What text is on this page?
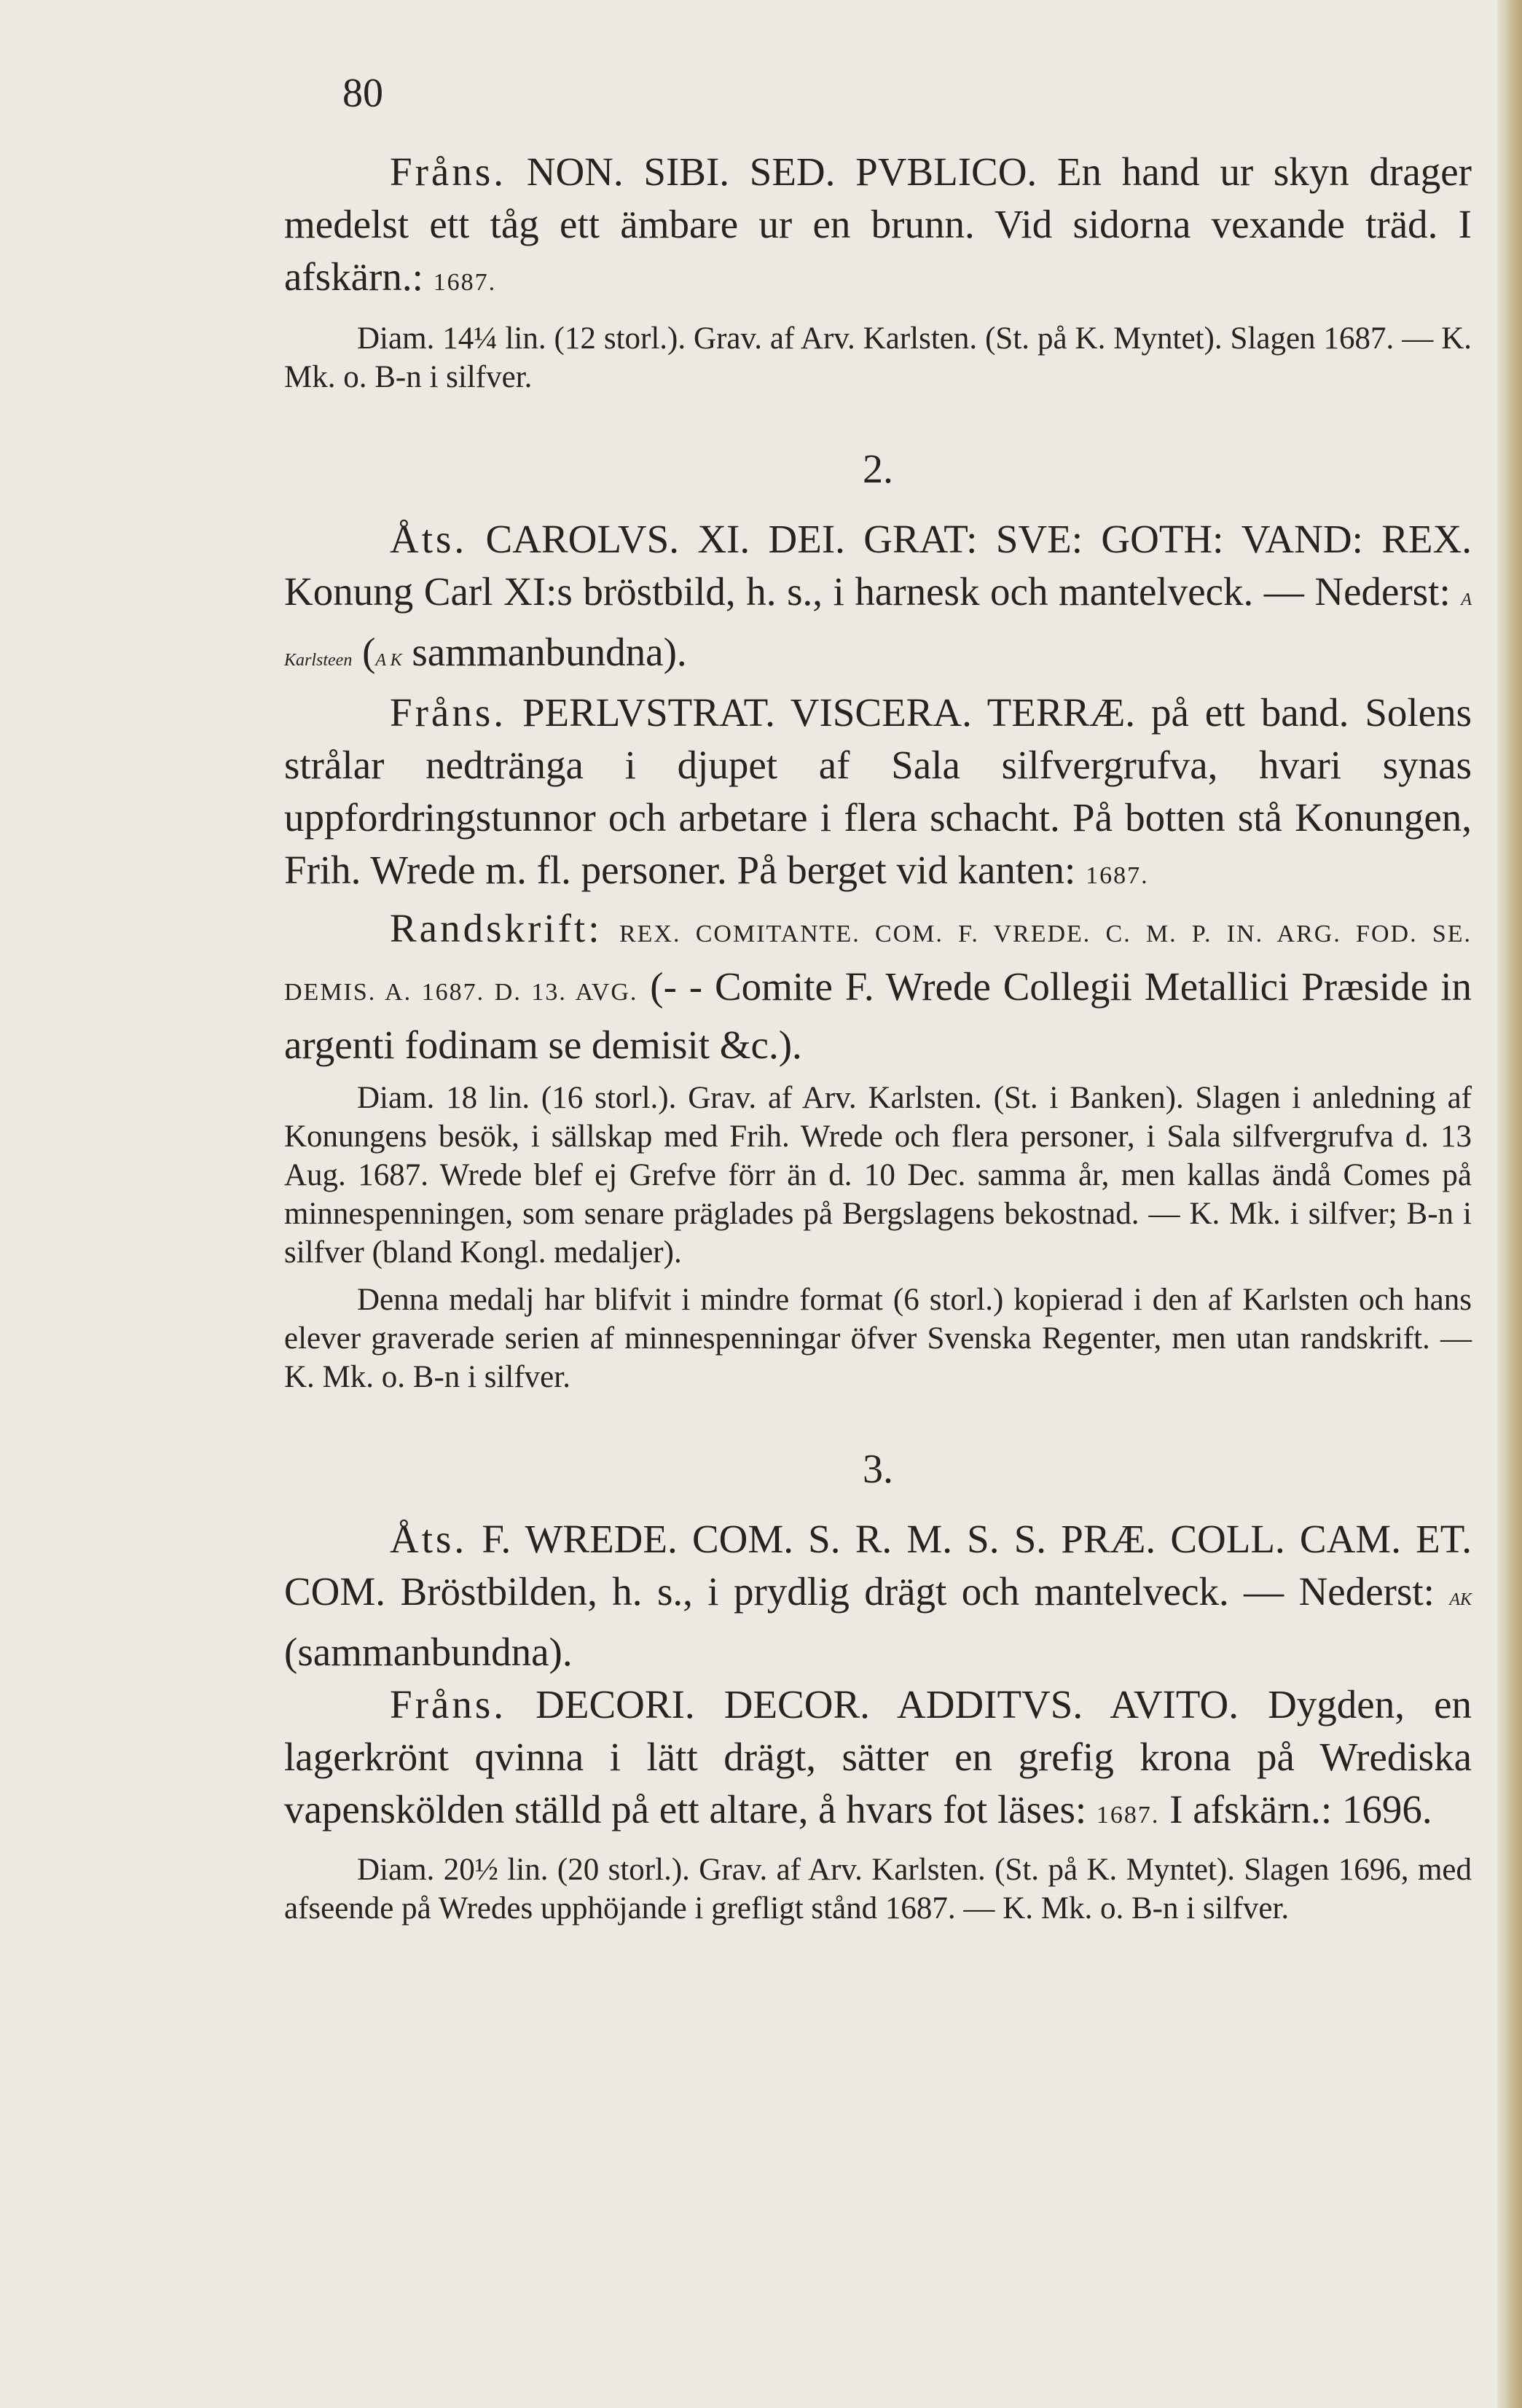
80

Fråns. NON. SIBI. SED. PVBLICO. En hand ur skyn drager medelst ett tåg ett ämbare ur en brunn. Vid sidorna vexande träd. I afskärn.: 1687.

Diam. 14¼ lin. (12 storl.). Grav. af Arv. Karlsten. (St. på K. Myntet). Slagen 1687. — K. Mk. o. B-n i silfver.

2.

Åts. CAROLVS. XI. DEI. GRAT: SVE: GOTH: VAND: REX. Konung Carl XI:s bröstbild, h. s., i harnesk och mantelveck. — Nederst: A Karlsteen (A K sammanbundna).

Fråns. PERLVSTRAT. VISCERA. TERRÆ. på ett band. Solens strålar nedtränga i djupet af Sala silfvergrufva, hvari synas uppfordringstunnor och arbetare i flera schacht. På botten stå Konungen, Frih. Wrede m. fl. personer. På berget vid kanten: 1687.

Randskrift: REX. COMITANTE. COM. F. VREDE. C. M. P. IN. ARG. FOD. SE. DEMIS. A. 1687. D. 13. AVG. (- - Comite F. Wrede Collegii Metallici Præside in argenti fodinam se demisit &c.).

Diam. 18 lin. (16 storl.). Grav. af Arv. Karlsten. (St. i Banken). Slagen i anledning af Konungens besök, i sällskap med Frih. Wrede och flera personer, i Sala silfvergrufva d. 13 Aug. 1687. Wrede blef ej Grefve förr än d. 10 Dec. samma år, men kallas ändå Comes på minnespenningen, som senare präglades på Bergslagens bekostnad. — K. Mk. i silfver; B-n i silfver (bland Kongl. medaljer).

Denna medalj har blifvit i mindre format (6 storl.) kopierad i den af Karlsten och hans elever graverade serien af minnespenningar öfver Svenska Regenter, men utan randskrift. — K. Mk. o. B-n i silfver.

3.

Åts. F. WREDE. COM. S. R. M. S. S. PRÆ. COLL. CAM. ET. COM. Bröstbilden, h. s., i prydlig drägt och mantelveck. — Nederst: AK (sammanbundna).

Fråns. DECORI. DECOR. ADDITVS. AVITO. Dygden, en lagerkrönt qvinna i lätt drägt, sätter en grefig krona på Wrediska vapenskölden ställd på ett altare, å hvars fot läses: 1687. I afskärn.: 1696.

Diam. 20½ lin. (20 storl.). Grav. af Arv. Karlsten. (St. på K. Myntet). Slagen 1696, med afseende på Wredes upphöjande i grefligt stånd 1687. — K. Mk. o. B-n i silfver.
